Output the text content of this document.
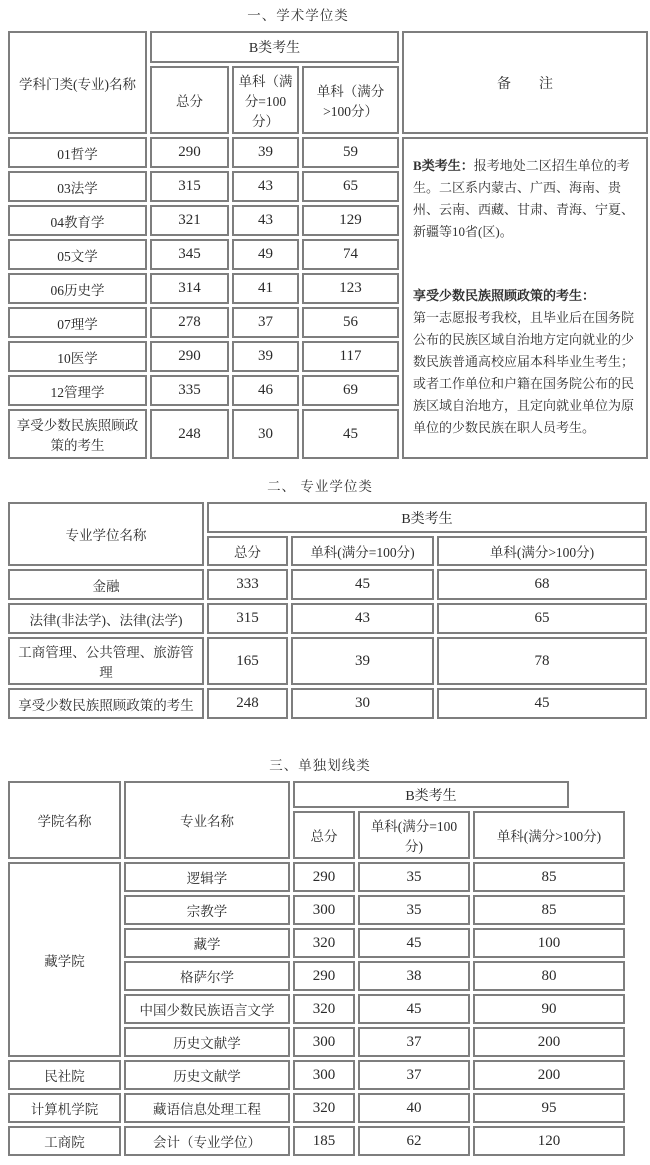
一、学术学位类
学科门类(专业)名称	B类考生			备　　注
	总分	单科（满分=100分）	单科（满分>100分）	
01哲学	290	39	59	B类考生：报考地处二区招生单位的考生。二区系内蒙古、广西、海南、贵州、云南、西藏、甘肃、青海、宁夏、新疆等10省(区)。

享受少数民族照顾政策的考生：
第一志愿报考我校，且毕业后在国务院公布的民族区域自治地方定向就业的少数民族普通高校应届本科毕业生考生；或者工作单位和户籍在国务院公布的民族区域自治地方，且定向就业单位为原单位的少数民族在职人员考生。

03法学	315	43	65	
04教育学	321	43	129	
05文学	345	49	74	
06历史学	314	41	123	
07理学	278	37	56	
10医学	290	39	117	
12管理学	335	46	69	
享受少数民族照顾政策的考生	248	30	45	
二、 专业学位类
专业学位名称	B类考生		
	总分	单科(满分=100分)	单科(满分>100分)
金融	333	45	68
法律(非法学)、法律(法学)	315	43	65
工商管理、公共管理、旅游管理	165	39	78
享受少数民族照顾政策的考生	248	30	45
三、单独划线类
学院名称	专业名称	B类考生		

		总分	单科(满分=100分)	单科(满分>100分)
藏学院	逻辑学	290	35	85
	宗教学	300	35	85
	藏学	320	45	100
	格萨尔学	290	38	80
	中国少数民族语言文学	320	45	90
	历史文献学	300	37	200
民社院	历史文献学	300	37	200
计算机学院	藏语信息处理工程	320	40	95
工商院	会计（专业学位）	185	62	120
